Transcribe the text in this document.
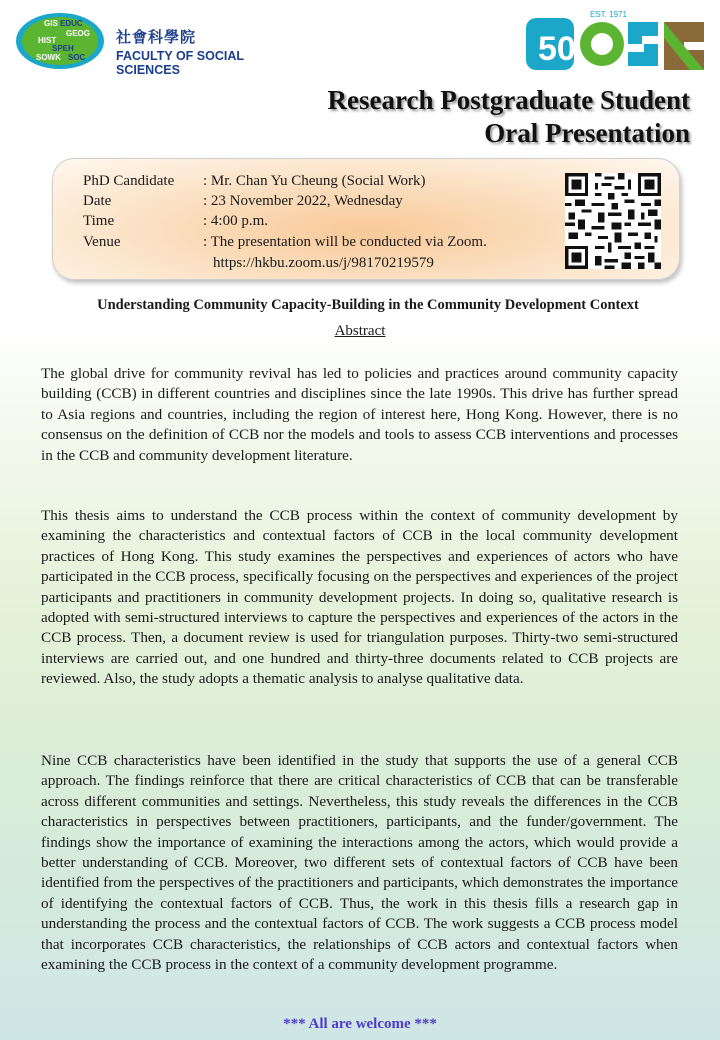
GIS EDUC
GEOG
HIST
SPEH
SOWK SOC
社會科學院
FACULTY OF SOCIAL SCIENCES
50
EST. 1971
Research Postgraduate Student
Oral Presentation
PhD Candidate : Mr. Chan Yu Cheung (Social Work)
Date	: 23 November 2022, Wednesday
Time	: 4:00 p.m.
Venue	: The presentation will be conducted via Zoom.
https://hkbu.zoom.us/j/98170219579
Understanding Community Capacity-Building in the Community Development Context
Abstract

The global drive for community revival has led to policies and practices around community capacity building (CCB) in different countries and disciplines since the late 1990s. This drive has further spread to Asia regions and countries, including the region of interest here, Hong Kong. However, there is no consensus on the definition of CCB nor the models and tools to assess CCB interventions and processes in the CCB and community development literature.

This thesis aims to understand the CCB process within the context of community development by examining the characteristics and contextual factors of CCB in the local community development practices of Hong Kong. This study examines the perspectives and experiences of actors who have participated in the CCB process, specifically focusing on the perspectives and experiences of the project participants and practitioners in community development projects. In doing so, qualitative research is adopted with semi-structured interviews to capture the perspectives and experiences of the actors in the CCB process. Then, a document review is used for triangulation purposes. Thirty-two semi-structured interviews are carried out, and one hundred and thirty-three documents related to CCB projects are reviewed. Also, the study adopts a thematic analysis to analyse qualitative data.

Nine CCB characteristics have been identified in the study that supports the use of a general CCB approach. The findings reinforce that there are critical characteristics of CCB that can be transferable across different communities and settings. Nevertheless, this study reveals the differences in the CCB characteristics in perspectives between practitioners, participants, and the funder/government. The findings show the importance of examining the interactions among the actors, which would provide a better understanding of CCB. Moreover, two different sets of contextual factors of CCB have been identified from the perspectives of the practitioners and participants, which demonstrates the importance of identifying the contextual factors of CCB. Thus, the work in this thesis fills a research gap in understanding the process and the contextual factors of CCB. The work suggests a CCB process model that incorporates CCB characteristics, the relationships of CCB actors and contextual factors when examining the CCB process in the context of a community development programme.

*** All are welcome ***
